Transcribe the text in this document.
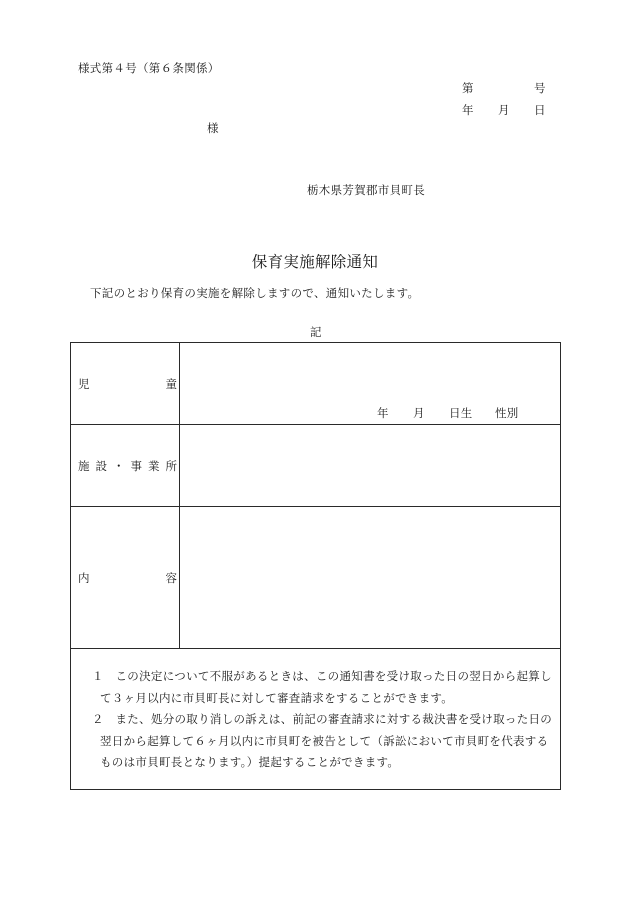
様式第４号（第６条関係）
第	号
年 月 日
様
栃木県芳賀郡市貝町長
保育実施解除通知
下記のとおり保育の実施を解除しますので、通知いたします。
記
児	童
年 月 日生 性別
施 設 ・ 事 業 所
内	容
１ この決定について不服があるときは、この通知書を受け取った日の翌日から起算し
て３ヶ月以内に市貝町長に対して審査請求をすることができます。
２ また、処分の取り消しの訴えは、前記の審査請求に対する裁決書を受け取った日の
翌日から起算して６ヶ月以内に市貝町を被告として（訴訟において市貝町を代表する
ものは市貝町長となります。）提起することができます。
